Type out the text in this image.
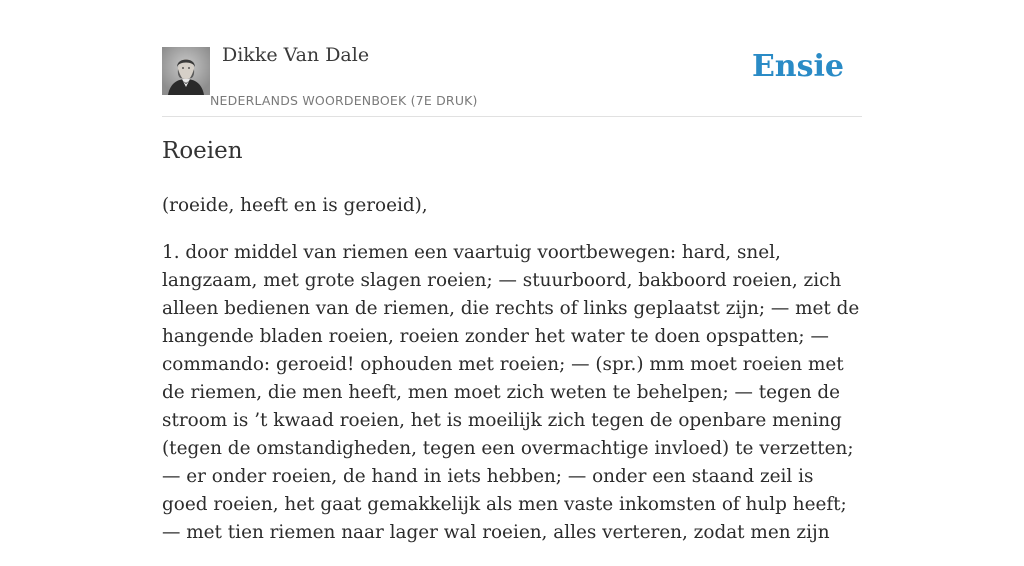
Dikke Van Dale
NEDERLANDS WOORDENBOEK (7E DRUK)
Ensie
Roeien

(roeide, heeft en is geroeid),

1. door middel van riemen een vaartuig voortbewegen: hard, snel, langzaam, met grote slagen roeien; — stuurboord, bakboord roeien, zich alleen bedienen van de riemen, die rechts of links geplaatst zijn; — met de hangende bladen roeien, roeien zonder het water te doen opspatten; — commando: geroeid! ophouden met roeien; — (spr.) mm moet roeien met de riemen, die men heeft, men moet zich weten te behelpen; — tegen de stroom is ’t kwaad roeien, het is moeilijk zich tegen de openbare mening (tegen de omstandigheden, tegen een overmachtige invloed) te verzetten; — er onder roeien, de hand in iets hebben; — onder een staand zeil is goed roeien, het gaat gemakkelijk als men vaste inkomsten of hulp heeft; — met tien riemen naar lager wal roeien, alles verteren, zodat men zijn
